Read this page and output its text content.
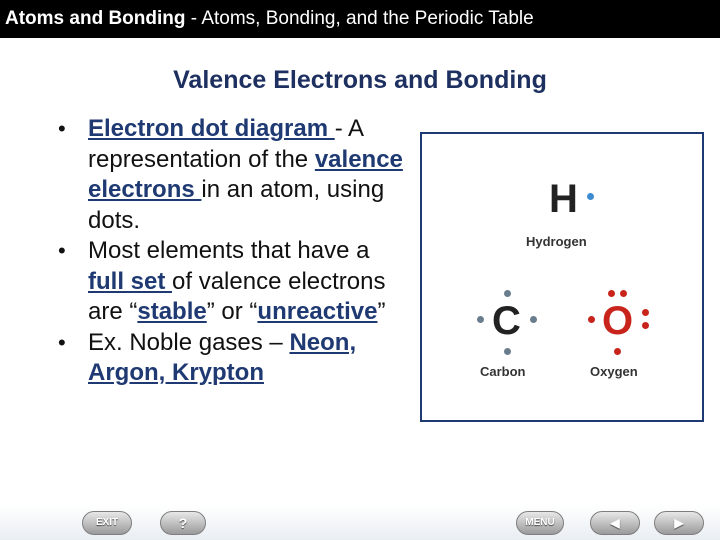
Atoms and Bonding - Atoms, Bonding, and the Periodic Table
Valence Electrons and Bonding
• Electron dot diagram - A representation of the valence electrons in an atom, using dots.
• Most elements that have a full set of valence electrons are “stable” or “unreactive”
• Ex. Noble gases – Neon, Argon, Krypton
H
Hydrogen
C
Carbon
O
Oxygen
EXIT	?	MENU	◀	▶
